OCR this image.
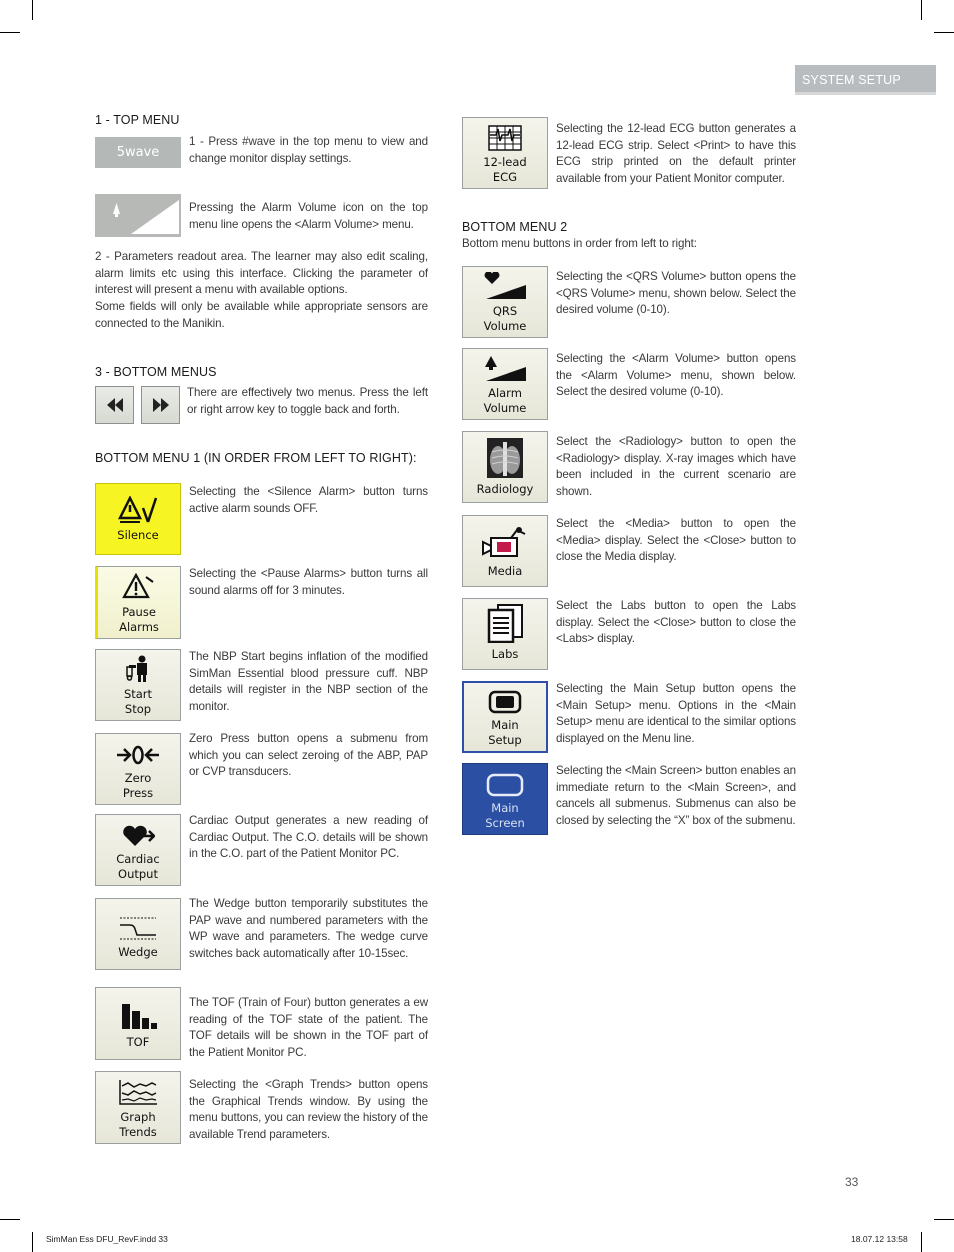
SYSTEM SETUP
1 - TOP MENU
5wave

1 - Press #wave in the top menu to view and change monitor display settings.

Pressing the Alarm Volume icon on the top menu line opens the <Alarm Volume> menu.

2 - Parameters readout area. The learner may also edit scaling, alarm limits etc using this interface. Clicking the parameter of interest will present a menu with available options.

Some fields will only be available while appropriate sensors are connected to the Manikin.

3 - BOTTOM MENUS

There are effectively two menus. Press the left or right arrow key to toggle back and forth.

BOTTOM MENU 1 (IN ORDER FROM LEFT TO RIGHT):
Silence

Selecting the <Silence Alarm> button turns active alarm sounds OFF.

Pause
Alarms

Selecting the <Pause Alarms> button turns all sound alarms off for 3 minutes.

Start
Stop

The NBP Start begins inflation of the modified SimMan Essential blood pressure cuff. NBP details will register in the NBP section of the monitor.

Zero
Press

Zero Press button opens a submenu from which you can select zeroing of the ABP, PAP or CVP transducers.

Cardiac
Output

Cardiac Output generates a new reading of Cardiac Output. The C.O. details will be shown in the C.O. part of the Patient Monitor PC.

Wedge

The Wedge button temporarily substitutes the PAP wave and numbered parameters with the WP wave and parameters. The wedge curve switches back automatically after 10-15sec.

TOF

The TOF (Train of Four) button generates a ew reading of the TOF state of the patient. The TOF details will be shown in the TOF part of the Patient Monitor PC.

Graph
Trends

Selecting the <Graph Trends> button opens the Graphical Trends window. By using the menu buttons, you can review the history of the available Trend parameters.

12-lead
ECG

Selecting the 12-lead ECG button generates a 12-lead ECG strip. Select <Print> to have this ECG strip printed on the default printer available from your Patient Monitor computer.

BOTTOM MENU 2
Bottom menu buttons in order from left to right:
QRS
Volume

Selecting the <QRS Volume> button opens the <QRS Volume> menu, shown below. Select the desired volume (0-10).

Alarm
Volume

Selecting the <Alarm Volume> button opens the <Alarm Volume> menu, shown below. Select the desired volume (0-10).

Radiology

Select the <Radiology> button to open the <Radiology> display. X-ray images which have been included in the current scenario are shown.

Media

Select the <Media> button to open the <Media> display. Select the <Close> button to close the Media display.

Labs

Select the Labs button to open the Labs display. Select the <Close> button to close the <Labs> display.

Main
Setup

Selecting the Main Setup button opens the <Main Setup> menu. Options in the <Main Setup> menu are identical to the similar options displayed on the Menu line.

Main
Screen

Selecting the <Main Screen> button enables an immediate return to the <Main Screen>, and cancels all submenus. Submenus can also be closed by selecting the “X” box of the submenu.

33
SimMan Ess DFU_RevF.indd 33	18.07.12 13:58
